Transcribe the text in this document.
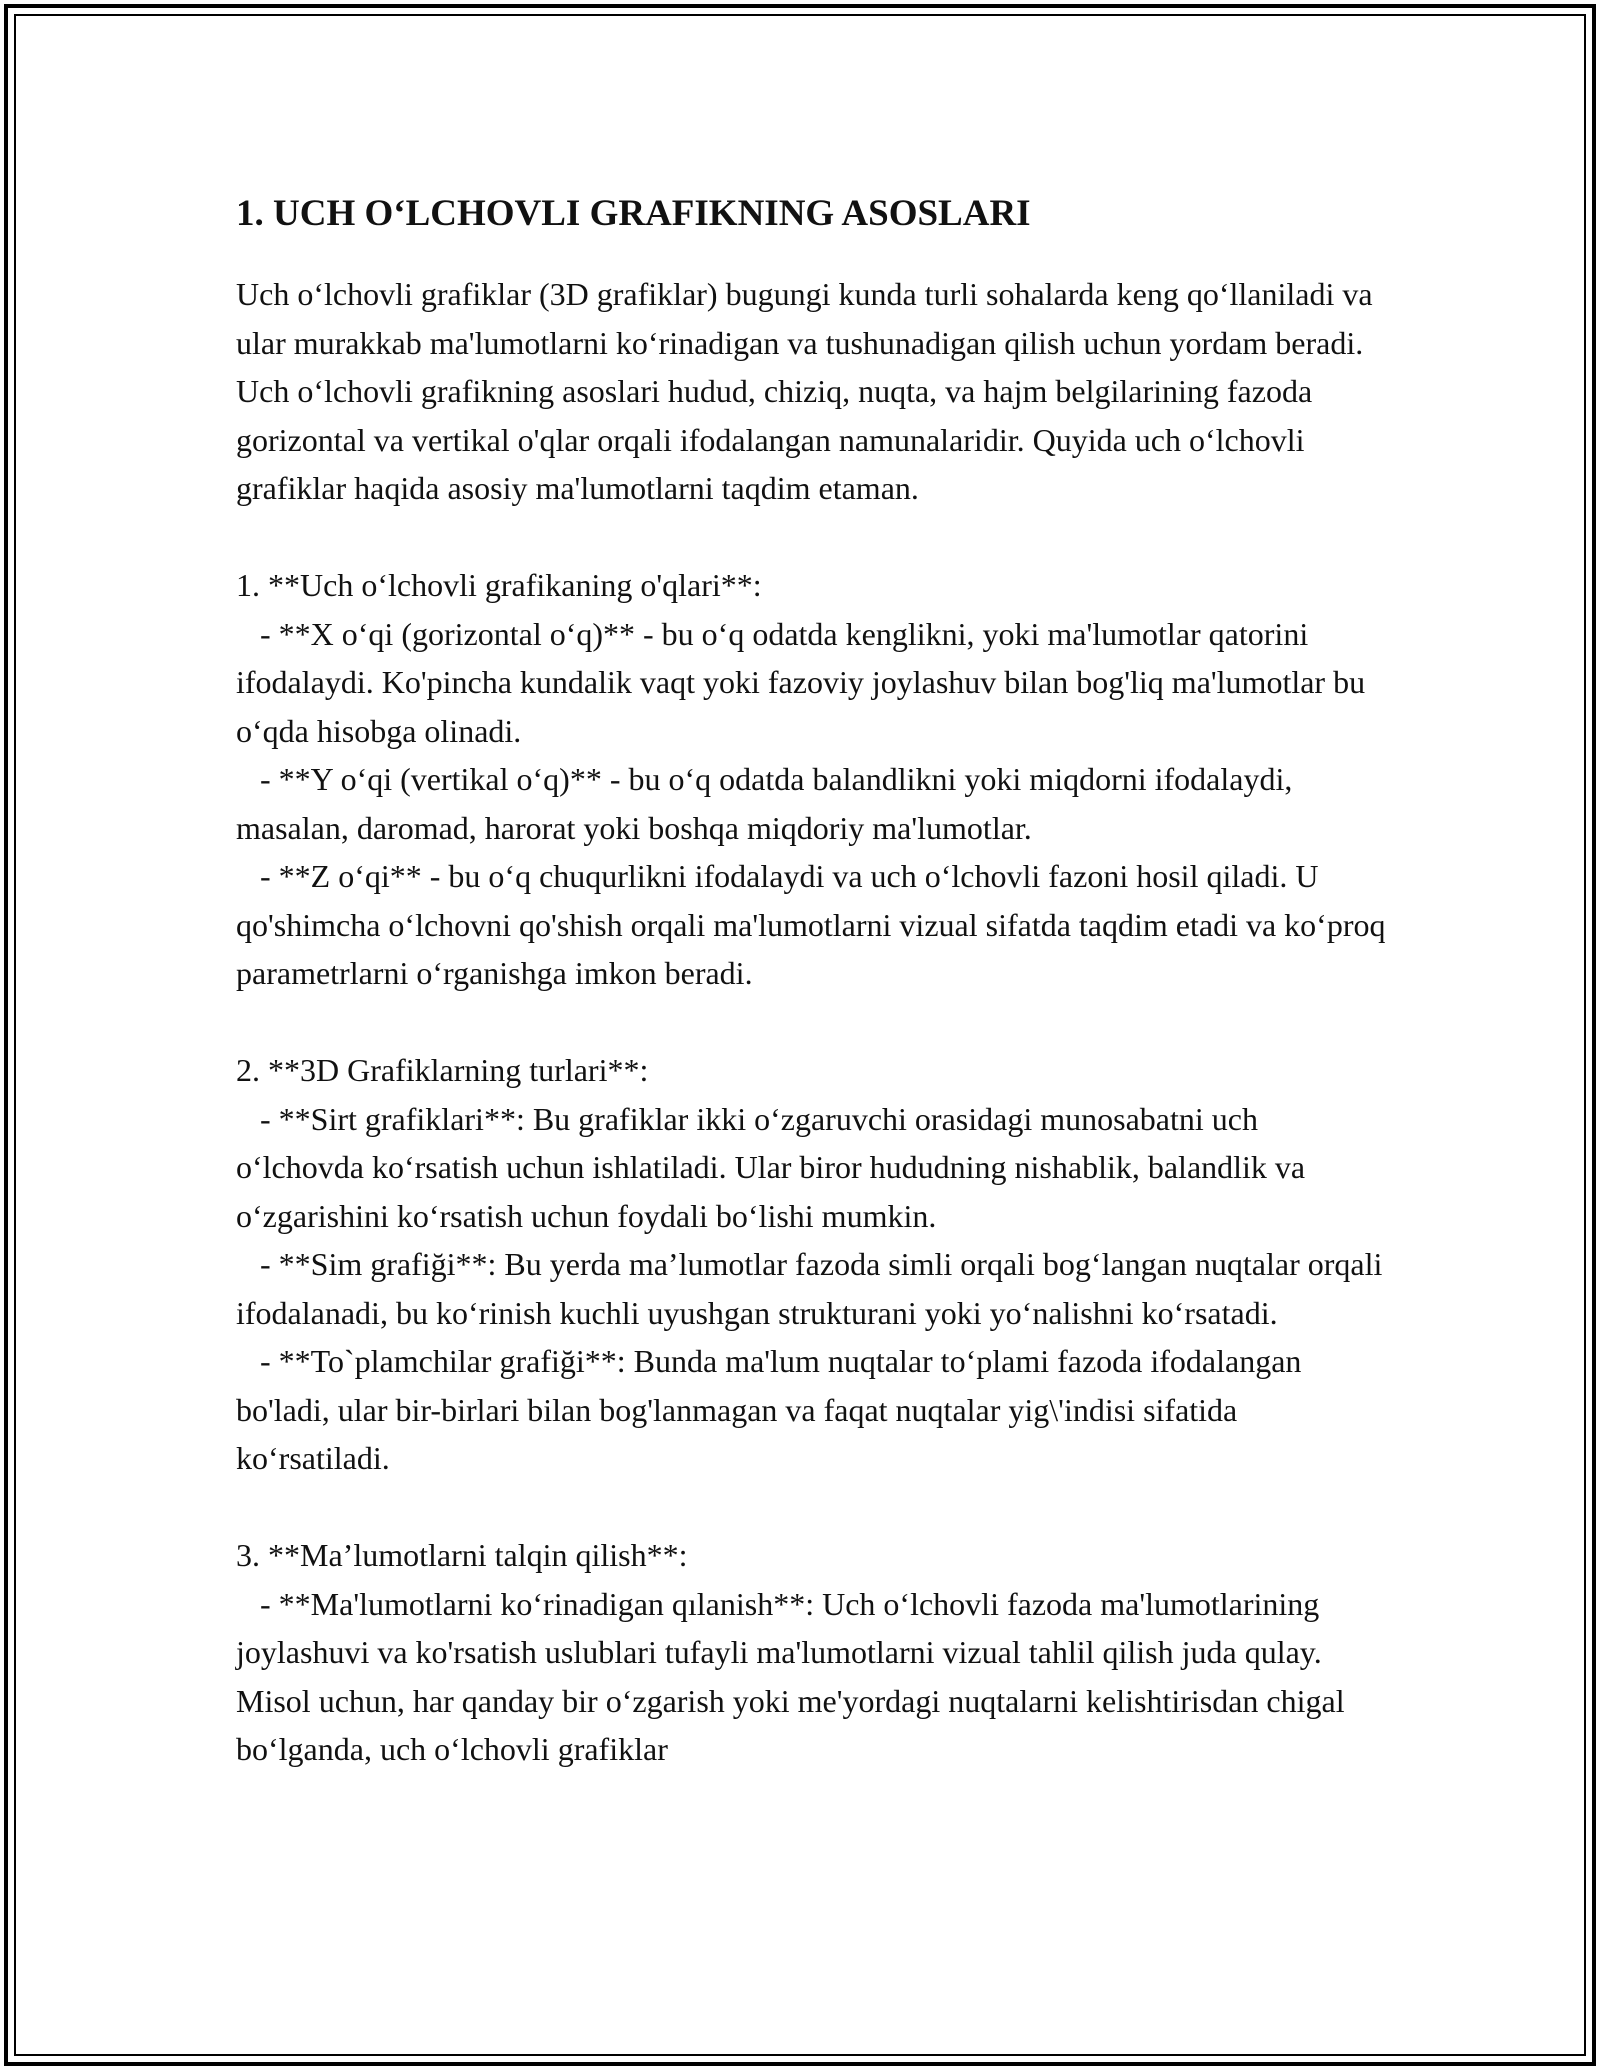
1. UCH O‘LCHOVLI GRAFIKNING ASOSLARI

Uch o‘lchovli grafiklar (3D grafiklar) bugungi kunda turli sohalarda keng qo‘llaniladi va ular murakkab ma'lumotlarni ko‘rinadigan va tushunadigan qilish uchun yordam beradi. Uch o‘lchovli grafikning asoslari hudud, chiziq, nuqta, va hajm belgilarining fazoda gorizontal va vertikal o'qlar orqali ifodalangan namunalaridir. Quyida uch o‘lchovli grafiklar haqida asosiy ma'lumotlarni taqdim etaman.

1. **Uch o‘lchovli grafikaning o'qlari**:

- **X o‘qi (gorizontal o‘q)** - bu o‘q odatda kenglikni, yoki ma'lumotlar qatorini ifodalaydi. Ko'pincha kundalik vaqt yoki fazoviy joylashuv bilan bog'liq ma'lumotlar bu o‘qda hisobga olinadi.

- **Y o‘qi (vertikal o‘q)** - bu o‘q odatda balandlikni yoki miqdorni ifodalaydi, masalan, daromad, harorat yoki boshqa miqdoriy ma'lumotlar.

- **Z o‘qi** - bu o‘q chuqurlikni ifodalaydi va uch o‘lchovli fazoni hosil qiladi. U qo'shimcha o‘lchovni qo'shish orqali ma'lumotlarni vizual sifatda taqdim etadi va ko‘proq parametrlarni o‘rganishga imkon beradi.

2. **3D Grafiklarning turlari**:

- **Sirt grafiklari**: Bu grafiklar ikki o‘zgaruvchi orasidagi munosabatni uch o‘lchovda ko‘rsatish uchun ishlatiladi. Ular biror hududning nishablik, balandlik va o‘zgarishini ko‘rsatish uchun foydali bo‘lishi mumkin.

- **Sim grafiği**: Bu yerda ma’lumotlar fazoda simli orqali bog‘langan nuqtalar orqali ifodalanadi, bu ko‘rinish kuchli uyushgan strukturani yoki yo‘nalishni ko‘rsatadi.

- **To`plamchilar grafiği**: Bunda ma'lum nuqtalar to‘plami fazoda ifodalangan bo'ladi, ular bir-birlari bilan bog'lanmagan va faqat nuqtalar yig\'indisi sifatida ko‘rsatiladi.

3. **Ma’lumotlarni talqin qilish**:

- **Ma'lumotlarni ko‘rinadigan qılanish**: Uch o‘lchovli fazoda ma'lumotlarining joylashuvi va ko'rsatish uslublari tufayli ma'lumotlarni vizual tahlil qilish juda qulay. Misol uchun, har qanday bir o‘zgarish yoki me'yordagi nuqtalarni kelishtirisdan chigal bo‘lganda, uch o‘lchovli grafiklar
